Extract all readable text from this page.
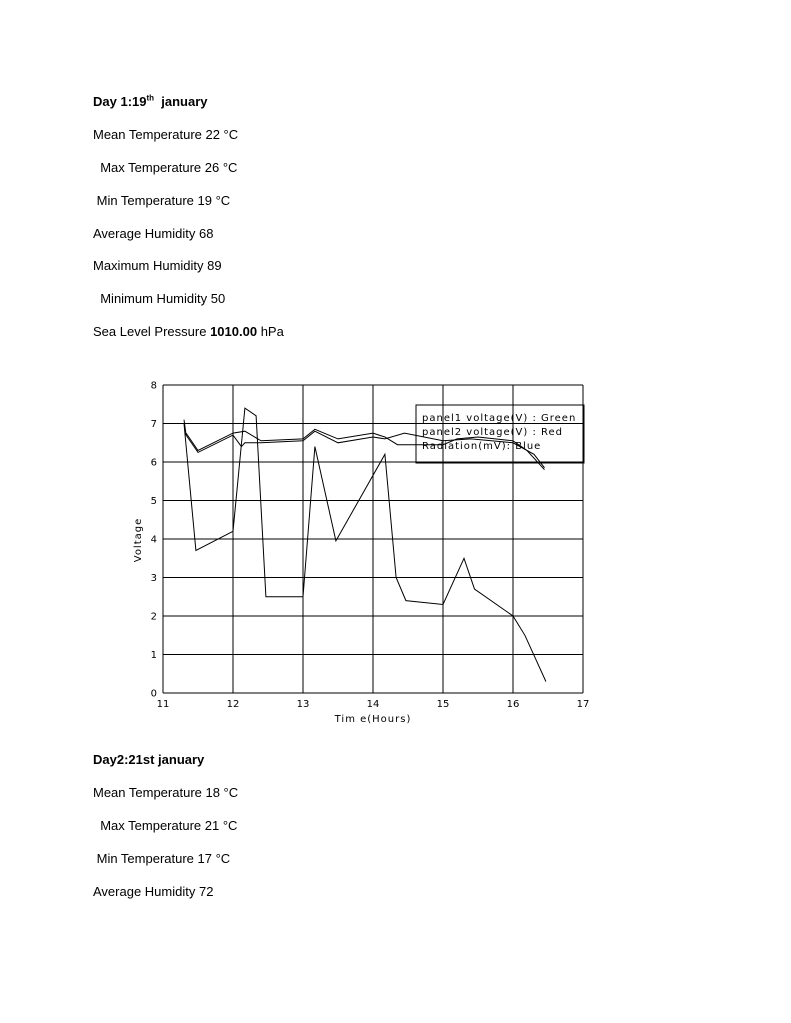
Day 1:19th  january
Mean Temperature 22 °C
Max Temperature 26 °C
Min Temperature 19 °C
Average Humidity 68
Maximum Humidity 89
Minimum Humidity 50
Sea Level Pressure 1010.00 hPa
0
1
2
3
4
5
6
7
8
11	12	13	14	15	16	17
panel1 voltage(V) : Green
panel2 voltage(V) : Red
Radiation(mV): Blue
Voltage
Tim e(Hours)
Day2:21st january
Mean Temperature 18 °C
Max Temperature 21 °C
Min Temperature 17 °C
Average Humidity 72
